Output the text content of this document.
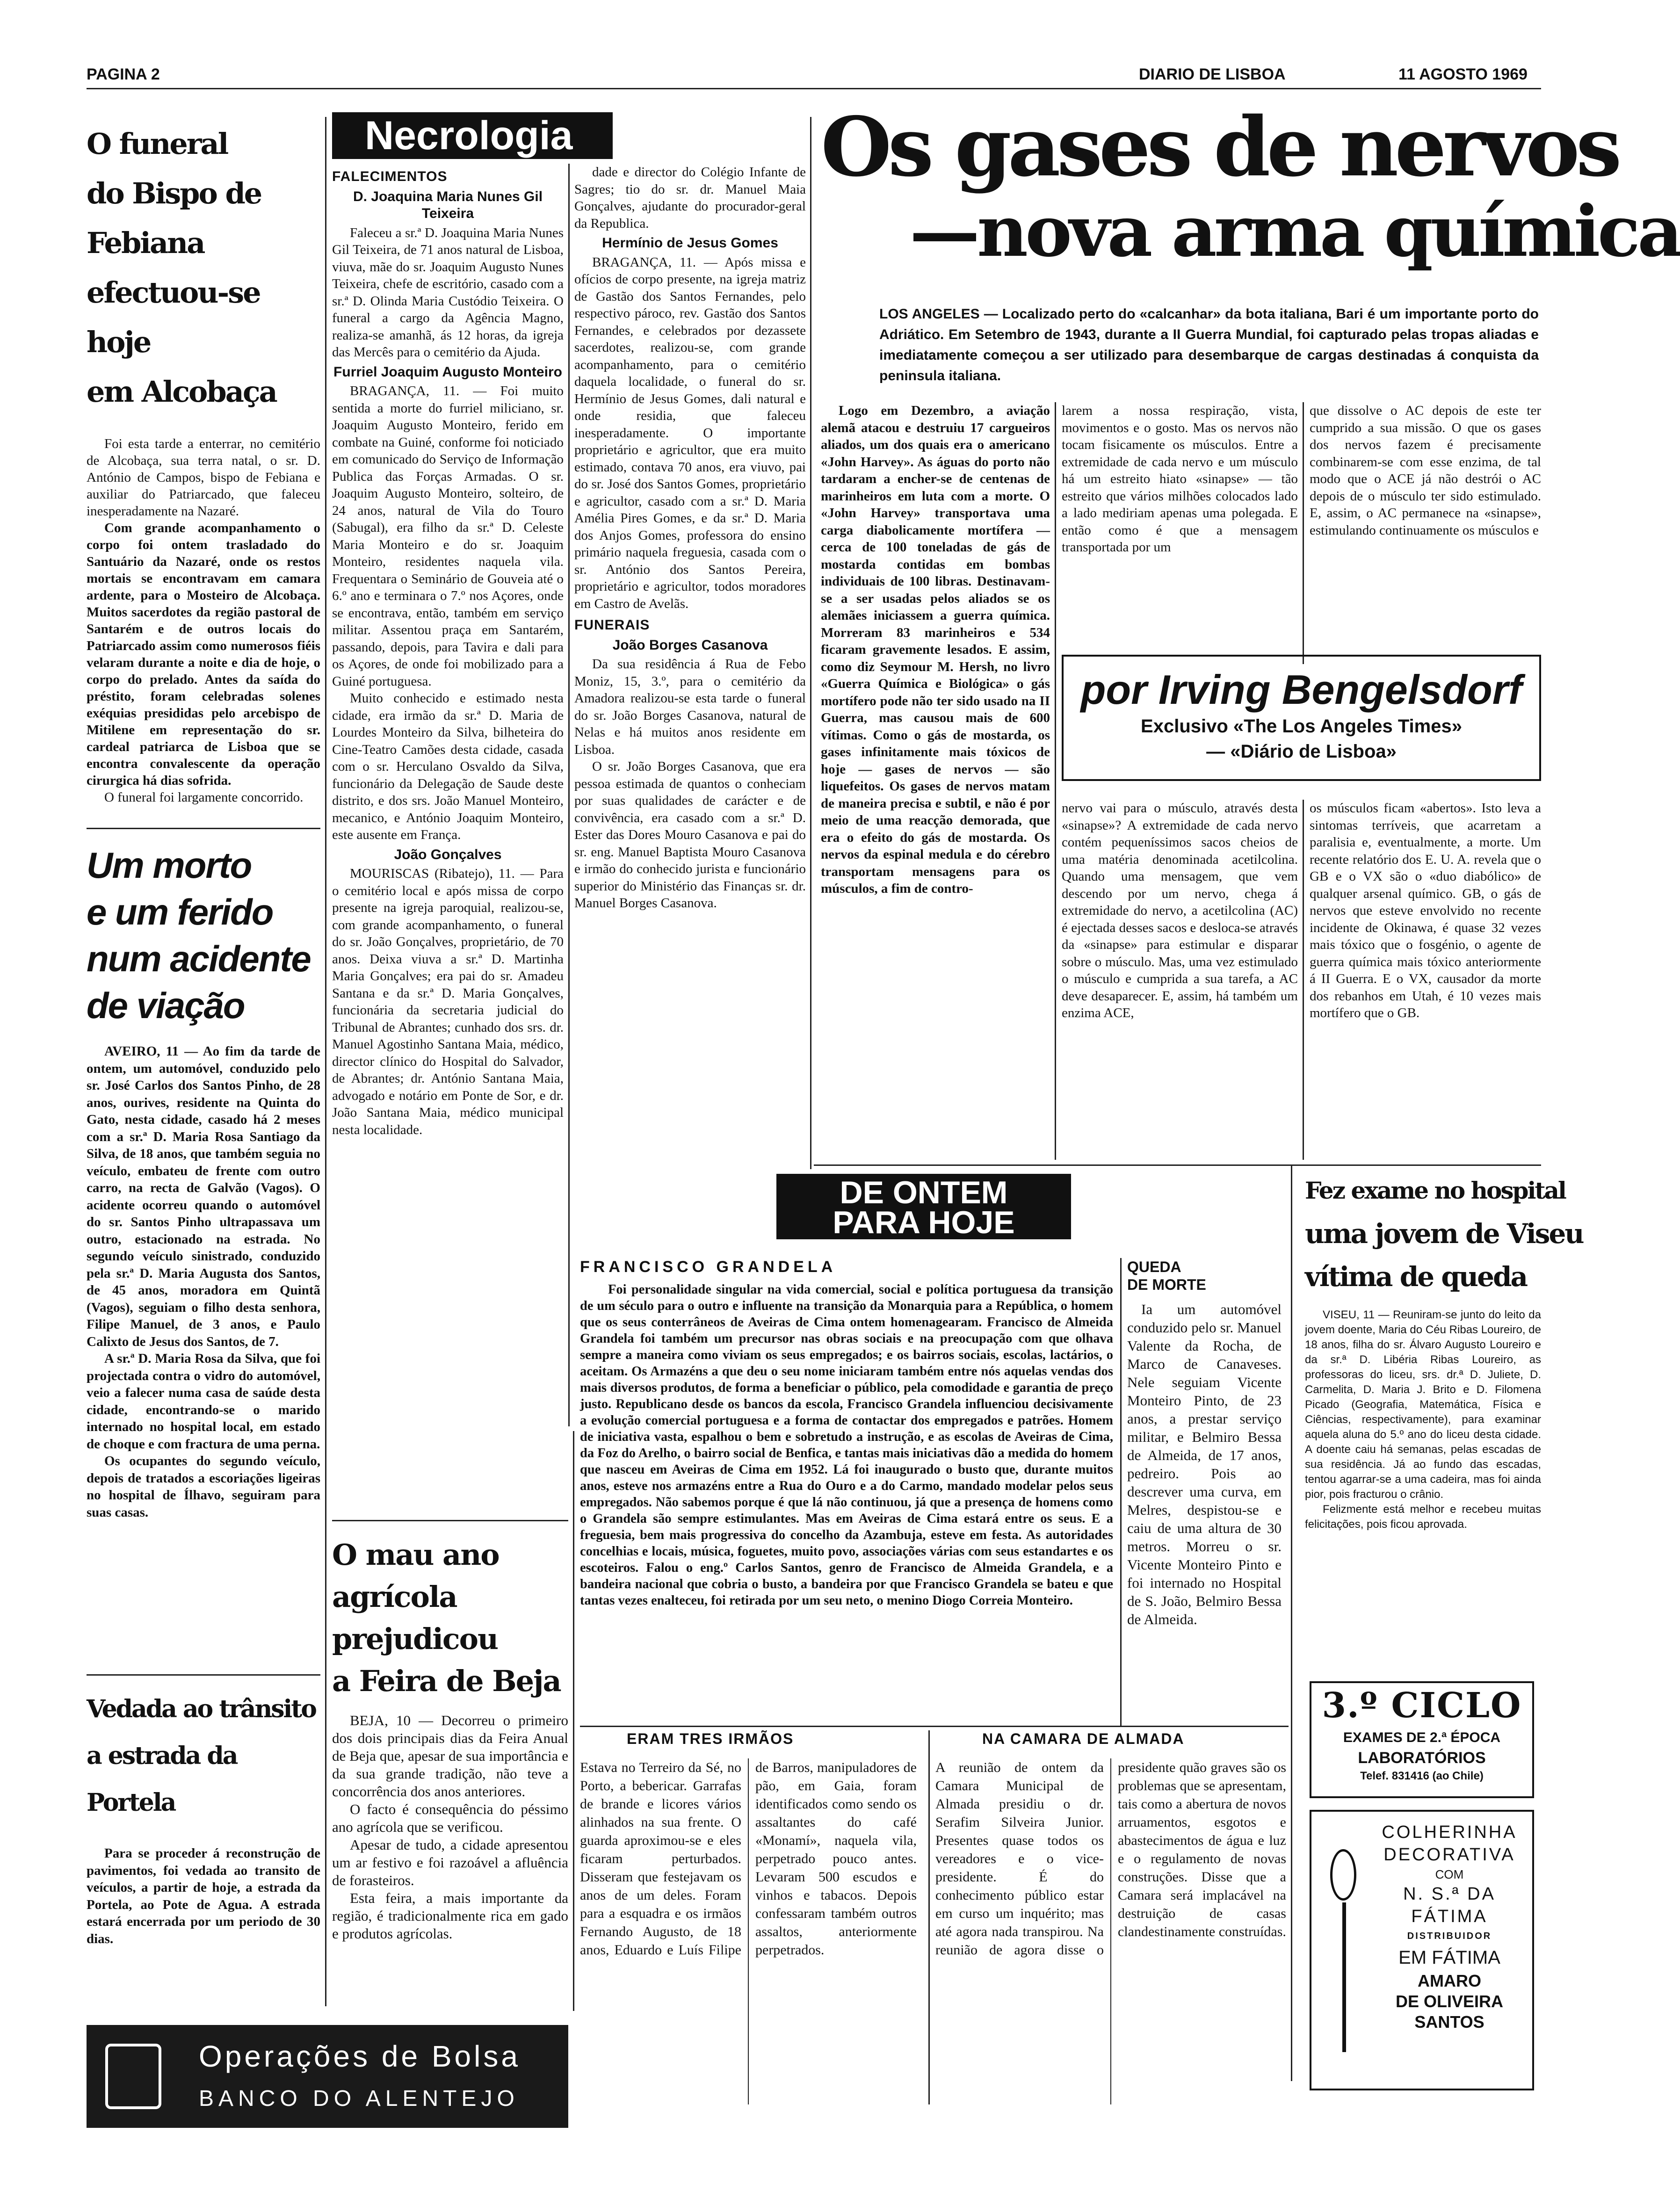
PAGINA 2	DIARIO DE LISBOA	11 AGOSTO 1969
O funeral
do Bispo de Febiana
efectuou-se hoje
em Alcobaça

Foi esta tarde a enterrar, no cemitério de Alcobaça, sua terra natal, o sr. D. António de Campos, bispo de Febiana e auxiliar do Patriarcado, que faleceu inesperadamente na Nazaré.

Com grande acompanhamento o corpo foi ontem trasladado do Santuário da Nazaré, onde os restos mortais se encontravam em camara ardente, para o Mosteiro de Alcobaça. Muitos sacerdotes da região pastoral de Santarém e de outros locais do Patriarcado assim como numerosos fiéis velaram durante a noite e dia de hoje, o corpo do prelado. Antes da saída do préstito, foram celebradas solenes exéquias presididas pelo arcebispo de Mitilene em representação do sr. cardeal patriarca de Lisboa que se encontra convalescente da operação cirurgica há dias sofrida.

O funeral foi largamente concorrido.

Um morto
e um ferido
num acidente
de viação

AVEIRO, 11 — Ao fim da tarde de ontem, um automóvel, conduzido pelo sr. José Carlos dos Santos Pinho, de 28 anos, ourives, residente na Quinta do Gato, nesta cidade, casado há 2 meses com a sr.ª D. Maria Rosa Santiago da Silva, de 18 anos, que também seguia no veículo, embateu de frente com outro carro, na recta de Galvão (Vagos). O acidente ocorreu quando o automóvel do sr. Santos Pinho ultrapassava um outro, estacionado na estrada. No segundo veículo sinistrado, conduzido pela sr.ª D. Maria Augusta dos Santos, de 45 anos, moradora em Quintã (Vagos), seguiam o filho desta senhora, Filipe Manuel, de 3 anos, e Paulo Calixto de Jesus dos Santos, de 7.

A sr.ª D. Maria Rosa da Silva, que foi projectada contra o vidro do automóvel, veio a falecer numa casa de saúde desta cidade, encontrando-se o marido internado no hospital local, em estado de choque e com fractura de uma perna.

Os ocupantes do segundo veículo, depois de tratados a escoriações ligeiras no hospital de Ílhavo, seguiram para suas casas.

Vedada ao trânsito
a estrada da Portela

Para se proceder á reconstrução de pavimentos, foi vedada ao transito de veículos, a partir de hoje, a estrada da Portela, ao Pote de Agua. A estrada estará encerrada por um periodo de 30 dias.

Operações de Bolsa
BANCO DO ALENTEJO
Necrologia
FALECIMENTOS
D. Joaquina Maria Nunes Gil Teixeira

Faleceu a sr.ª D. Joaquina Maria Nunes Gil Teixeira, de 71 anos natural de Lisboa, viuva, mãe do sr. Joaquim Augusto Nunes Teixeira, chefe de escritório, casado com a sr.ª D. Olinda Maria Custódio Teixeira. O funeral a cargo da Agência Magno, realiza-se amanhã, ás 12 horas, da igreja das Mercês para o cemitério da Ajuda.

Furriel Joaquim Augusto Monteiro

BRAGANÇA, 11. — Foi muito sentida a morte do furriel miliciano, sr. Joaquim Augusto Monteiro, ferido em combate na Guiné, conforme foi noticiado em comunicado do Serviço de Informação Publica das Forças Armadas. O sr. Joaquim Augusto Monteiro, solteiro, de 24 anos, natural de Vila do Touro (Sabugal), era filho da sr.ª D. Celeste Maria Monteiro e do sr. Joaquim Monteiro, residentes naquela vila. Frequentara o Seminário de Gouveia até o 6.º ano e terminara o 7.º nos Açores, onde se encontrava, então, também em serviço militar. Assentou praça em Santarém, passando, depois, para Tavira e dali para os Açores, de onde foi mobilizado para a Guiné portuguesa.

Muito conhecido e estimado nesta cidade, era irmão da sr.ª D. Maria de Lourdes Monteiro da Silva, bilheteira do Cine-Teatro Camões desta cidade, casada com o sr. Herculano Osvaldo da Silva, funcionário da Delegação de Saude deste distrito, e dos srs. João Manuel Monteiro, mecanico, e António Joaquim Monteiro, este ausente em França.

João Gonçalves

MOURISCAS (Ribatejo), 11. — Para o cemitério local e após missa de corpo presente na igreja paroquial, realizou-se, com grande acompanhamento, o funeral do sr. João Gonçalves, proprietário, de 70 anos. Deixa viuva a sr.ª D. Martinha Maria Gonçalves; era pai do sr. Amadeu Santana e da sr.ª D. Maria Gonçalves, funcionária da secretaria judicial do Tribunal de Abrantes; cunhado dos srs. dr. Manuel Agostinho Santana Maia, médico, director clínico do Hospital do Salvador, de Abrantes; dr. António Santana Maia, advogado e notário em Ponte de Sor, e dr. João Santana Maia, médico municipal nesta localidade.

dade e director do Colégio Infante de Sagres; tio do sr. dr. Manuel Maia Gonçalves, ajudante do procurador-geral da Republica.

Hermínio de Jesus Gomes

BRAGANÇA, 11. — Após missa e ofícios de corpo presente, na igreja matriz de Gastão dos Santos Fernandes, pelo respectivo pároco, rev. Gastão dos Santos Fernandes, e celebrados por dezassete sacerdotes, realizou-se, com grande acompanhamento, para o cemitério daquela localidade, o funeral do sr. Hermínio de Jesus Gomes, dali natural e onde residia, que faleceu inesperadamente. O importante proprietário e agricultor, que era muito estimado, contava 70 anos, era viuvo, pai do sr. José dos Santos Gomes, proprietário e agricultor, casado com a sr.ª D. Maria Amélia Pires Gomes, e da sr.ª D. Maria dos Anjos Gomes, professora do ensino primário naquela freguesia, casada com o sr. António dos Santos Pereira, proprietário e agricultor, todos moradores em Castro de Avelãs.

FUNERAIS
João Borges Casanova

Da sua residência á Rua de Febo Moniz, 15, 3.º, para o cemitério da Amadora realizou-se esta tarde o funeral do sr. João Borges Casanova, natural de Nelas e há muitos anos residente em Lisboa.

O sr. João Borges Casanova, que era pessoa estimada de quantos o conheciam por suas qualidades de carácter e de convivência, era casado com a sr.ª D. Ester das Dores Mouro Casanova e pai do sr. eng. Manuel Baptista Mouro Casanova e irmão do conhecido jurista e funcionário superior do Ministério das Finanças sr. dr. Manuel Borges Casanova.

Os gases de nervos
—nova arma química
LOS ANGELES — Localizado perto do «calcanhar» da bota italiana, Bari é um importante porto do Adriático. Em Setembro de 1943, durante a II Guerra Mundial, foi capturado pelas tropas aliadas e imediatamente começou a ser utilizado para desembarque de cargas destinadas á conquista da peninsula italiana.
Logo em Dezembro, a aviação alemã atacou e destruiu 17 cargueiros aliados, um dos quais era o americano «John Harvey». As águas do porto não tardaram a encher-se de centenas de marinheiros em luta com a morte. O «John Harvey» transportava uma carga diabolicamente mortífera — cerca de 100 toneladas de gás de mostarda contidas em bombas individuais de 100 libras. Destinavam-se a ser usadas pelos aliados se os alemães iniciassem a guerra química. Morreram 83 marinheiros e 534 ficaram gravemente lesados. E assim, como diz Seymour M. Hersh, no livro «Guerra Química e Biológica» o gás mortífero pode não ter sido usado na II Guerra, mas causou mais de 600 vítimas. Como o gás de mostarda, os gases infinitamente mais tóxicos de hoje — gases de nervos — são liquefeitos. Os gases de nervos matam de maneira precisa e subtil, e não é por meio de uma reacção demorada, que era o efeito do gás de mostarda. Os nervos da espinal medula e do cérebro transportam mensagens para os músculos, a fim de contro-
larem a nossa respiração, vista, movimentos e o gosto. Mas os nervos não tocam fisicamente os músculos. Entre a extremidade de cada nervo e um músculo há um estreito hiato «sinapse» — tão estreito que vários milhões colocados lado a lado mediriam apenas uma polegada. E então como é que a mensagem transportada por um
que dissolve o AC depois de este ter cumprido a sua missão. O que os gases dos nervos fazem é precisamente combinarem-se com esse enzima, de tal modo que o ACE já não destrói o AC depois de o músculo ter sido estimulado. E, assim, o AC permanece na «sinapse», estimulando continuamente os músculos e
por Irving Bengelsdorf
Exclusivo «The Los Angeles Times» — «Diário de Lisboa»
nervo vai para o músculo, através desta «sinapse»? A extremidade de cada nervo contém pequeníssimos sacos cheios de uma matéria denominada acetilcolina. Quando uma mensagem, que vem descendo por um nervo, chega á extremidade do nervo, a acetilcolina (AC) é ejectada desses sacos e desloca-se através da «sinapse» para estimular e disparar sobre o músculo. Mas, uma vez estimulado o músculo e cumprida a sua tarefa, a AC deve desaparecer. E, assim, há também um enzima ACE,
os músculos ficam «abertos». Isto leva a sintomas terríveis, que acarretam a paralisia e, eventualmente, a morte. Um recente relatório dos E. U. A. revela que o GB e o VX são o «duo diabólico» de qualquer arsenal químico. GB, o gás de nervos que esteve envolvido no recente incidente de Okinawa, é quase 32 vezes mais tóxico que o fosgénio, o agente de guerra química mais tóxico anteriormente á II Guerra. E o VX, causador da morte dos rebanhos em Utah, é 10 vezes mais mortífero que o GB.
DE ONTEM
PARA HOJE
FRANCISCO GRANDELA
Foi personalidade singular na vida comercial, social e política portuguesa da transição de um século para o outro e influente na transição da Monarquia para a República, o homem que os seus conterrâneos de Aveiras de Cima ontem homenagearam. Francisco de Almeida Grandela foi também um precursor nas obras sociais e na preocupação com que olhava sempre a maneira como viviam os seus empregados; e os bairros sociais, escolas, lactários, o aceitam. Os Armazéns a que deu o seu nome iniciaram também entre nós aquelas vendas dos mais diversos produtos, de forma a beneficiar o público, pela comodidade e garantia de preço justo. Republicano desde os bancos da escola, Francisco Grandela influenciou decisivamente a evolução comercial portuguesa e a forma de contactar dos empregados e patrões. Homem de iniciativa vasta, espalhou o bem e sobretudo a instrução, e as escolas de Aveiras de Cima, da Foz do Arelho, o bairro social de Benfica, e tantas mais iniciativas dão a medida do homem que nasceu em Aveiras de Cima em 1952. Lá foi inaugurado o busto que, durante muitos anos, esteve nos armazéns entre a Rua do Ouro e a do Carmo, mandado modelar pelos seus empregados. Não sabemos porque é que lá não continuou, já que a presença de homens como o Grandela são sempre estimulantes. Mas em Aveiras de Cima estará entre os seus. E a freguesia, bem mais progressiva do concelho da Azambuja, esteve em festa. As autoridades concelhias e locais, música, foguetes, muito povo, associações várias com seus estandartes e os escoteiros. Falou o eng.º Carlos Santos, genro de Francisco de Almeida Grandela, e a bandeira nacional que cobria o busto, a bandeira por que Francisco Grandela se bateu e que tantas vezes enalteceu, foi retirada por um seu neto, o menino Diogo Correia Monteiro.
QUEDA
DE MORTE
Ia um automóvel conduzido pelo sr. Manuel Valente da Rocha, de Marco de Canaveses. Nele seguiam Vicente Monteiro Pinto, de 23 anos, a prestar serviço militar, e Belmiro Bessa de Almeida, de 17 anos, pedreiro. Pois ao descrever uma curva, em Melres, despistou-se e caiu de uma altura de 30 metros. Morreu o sr. Vicente Monteiro Pinto e foi internado no Hospital de S. João, Belmiro Bessa de Almeida.
ERAM TRES IRMÃOS
Estava no Terreiro da Sé, no Porto, a bebericar. Garrafas de brande e licores vários alinhados na sua frente. O guarda aproximou-se e eles ficaram perturbados. Disseram que festejavam os anos de um deles. Foram para a esquadra e os irmãos Fernando Augusto, de 18 anos, Eduardo e Luís Filipe de Barros, manipuladores de pão, em Gaia, foram identificados como sendo os assaltantes do café «Monamí», naquela vila, perpetrado pouco antes. Levaram 500 escudos e vinhos e tabacos. Depois confessaram também outros assaltos, anteriormente perpetrados.
NA CAMARA DE ALMADA
A reunião de ontem da Camara Municipal de Almada presidiu o dr. Serafim Silveira Junior. Presentes quase todos os vereadores e o vice-presidente. É do conhecimento público estar em curso um inquérito; mas até agora nada transpirou. Na reunião de agora disse o presidente quão graves são os problemas que se apresentam, tais como a abertura de novos arruamentos, esgotos e abastecimentos de água e luz e o regulamento de novas construções. Disse que a Camara será implacável na destruição de casas clandestinamente construídas.
O mau ano
agrícola
prejudicou
a Feira de Beja

BEJA, 10 — Decorreu o primeiro dos dois principais dias da Feira Anual de Beja que, apesar de sua importância e da sua grande tradição, não teve a concorrência dos anos anteriores.

O facto é consequência do péssimo ano agrícola que se verificou.

Apesar de tudo, a cidade apresentou um ar festivo e foi razoável a afluência de forasteiros.

Esta feira, a mais importante da região, é tradicionalmente rica em gado e produtos agrícolas.

Fez exame no hospital
uma jovem de Viseu
vítima de queda

VISEU, 11 — Reuniram-se junto do leito da jovem doente, Maria do Céu Ribas Loureiro, de 18 anos, filha do sr. Álvaro Augusto Loureiro e da sr.ª D. Libéria Ribas Loureiro, as professoras do liceu, srs. dr.ª D. Juliete, D. Carmelita, D. Maria J. Brito e D. Filomena Picado (Geografia, Matemática, Física e Ciências, respectivamente), para examinar aquela aluna do 5.º ano do liceu desta cidade. A doente caiu há semanas, pelas escadas de sua residência. Já ao fundo das escadas, tentou agarrar-se a uma cadeira, mas foi ainda pior, pois fracturou o crânio.

Felizmente está melhor e recebeu muitas felicitações, pois ficou aprovada.

3.º CICLO
EXAMES DE 2.ª ÉPOCA
LABORATÓRIOS
Telef. 831416 (ao Chile)
COLHERINHA
DECORATIVA
COM
N. S.ª DA
FÁTIMA
DISTRIBUIDOR
EM FÁTIMA
AMARO
DE OLIVEIRA
SANTOS
